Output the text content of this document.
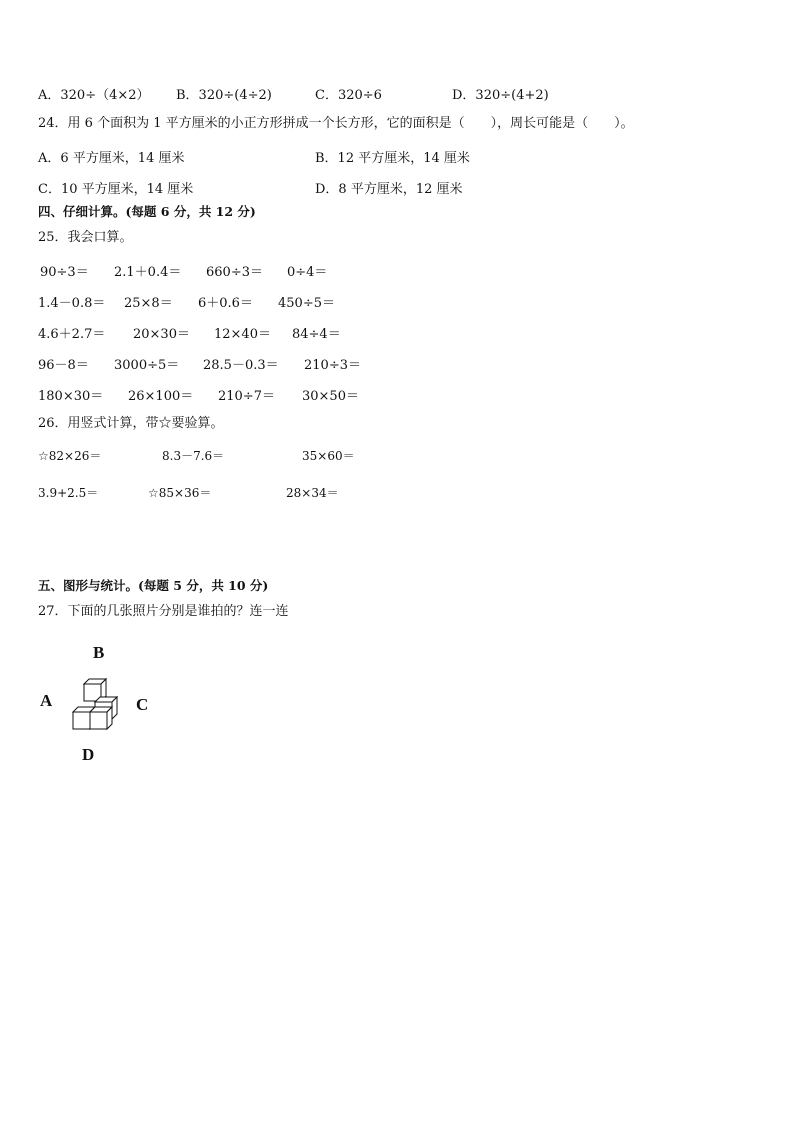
A．320÷（4×2） B．320÷(4÷2)	C．320÷6	D．320÷(4+2)
24．用 6 个面积为 1 平方厘米的小正方形拼成一个长方形，它的面积是（　　），周长可能是（　　）。
A．6 平方厘米，14 厘米	B．12 平方厘米，14 厘米
C．10 平方厘米，14 厘米	D．8 平方厘米，12 厘米
四、仔细计算。(每题 6 分，共 12 分)
25．我会口算。
90÷3＝ 2.1＋0.4＝ 660÷3＝ 0÷4＝
1.4－0.8＝ 25×8＝ 6＋0.6＝ 450÷5＝
4.6＋2.7＝ 20×30＝ 12×40＝ 84÷4＝
96－8＝ 3000÷5＝ 28.5－0.3＝ 210÷3＝
180×30＝ 26×100＝ 210÷7＝ 30×50＝
26．用竖式计算，带☆要验算。
☆82×26＝	8.3－7.6＝	35×60＝
3.9+2.5＝	☆85×36＝	28×34＝
五、图形与统计。(每题 5 分，共 10 分)
27．下面的几张照片分别是谁拍的？连一连
B
A	C
D
